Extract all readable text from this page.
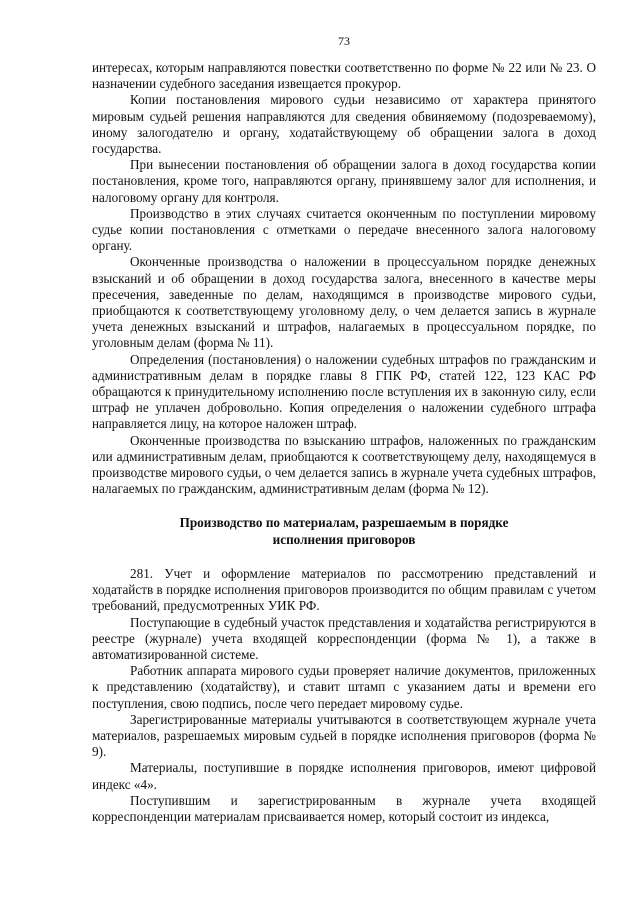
73

интересах, которым направляются повестки соответственно по форме № 22 или № 23. О назначении судебного заседания извещается прокурор.

Копии постановления мирового судьи независимо от характера принятого мировым судьей решения направляются для сведения обвиняемому (подозреваемому), иному залогодателю и органу, ходатайствующему об обращении залога в доход государства.

При вынесении постановления об обращении залога в доход государства копии постановления, кроме того, направляются органу, принявшему залог для исполнения, и налоговому органу для контроля.

Производство в этих случаях считается оконченным по поступлении мировому судье копии постановления с отметками о передаче внесенного залога налоговому органу.

Оконченные производства о наложении в процессуальном порядке денежных взысканий и об обращении в доход государства залога, внесенного в качестве меры пресечения, заведенные по делам, находящимся в производстве мирового судьи, приобщаются к соответствующему уголовному делу, о чем делается запись в журнале учета денежных взысканий и штрафов, налагаемых в процессуальном порядке, по уголовным делам (форма № 11).

Определения (постановления) о наложении судебных штрафов по гражданским и административным делам в порядке главы 8 ГПК РФ, статей 122, 123 КАС РФ обращаются к принудительному исполнению после вступления их в законную силу, если штраф не уплачен добровольно. Копия определения о наложении судебного штрафа направляется лицу, на которое наложен штраф.

Оконченные производства по взысканию штрафов, наложенных по гражданским или административным делам, приобщаются к соответствующему делу, находящемуся в производстве мирового судьи, о чем делается запись в журнале учета судебных штрафов, налагаемых по гражданским, административным делам (форма № 12).

Производство по материалам, разрешаемым в порядке
исполнения приговоров

281. Учет и оформление материалов по рассмотрению представлений и ходатайств в порядке исполнения приговоров производится по общим правилам с учетом требований, предусмотренных УИК РФ.

Поступающие в судебный участок представления и ходатайства регистрируются в реестре (журнале) учета входящей корреспонденции (форма № 1), а также в автоматизированной системе.

Работник аппарата мирового судьи проверяет наличие документов, приложенных к представлению (ходатайству), и ставит штамп с указанием даты и времени его поступления, свою подпись, после чего передает мировому судье.

Зарегистрированные материалы учитываются в соответствующем журнале учета материалов, разрешаемых мировым судьей в порядке исполнения приговоров (форма № 9).

Материалы, поступившие в порядке исполнения приговоров, имеют цифровой индекс «4».

Поступившим и зарегистрированным в журнале учета входящей корреспонденции материалам присваивается номер, который состоит из индекса,
